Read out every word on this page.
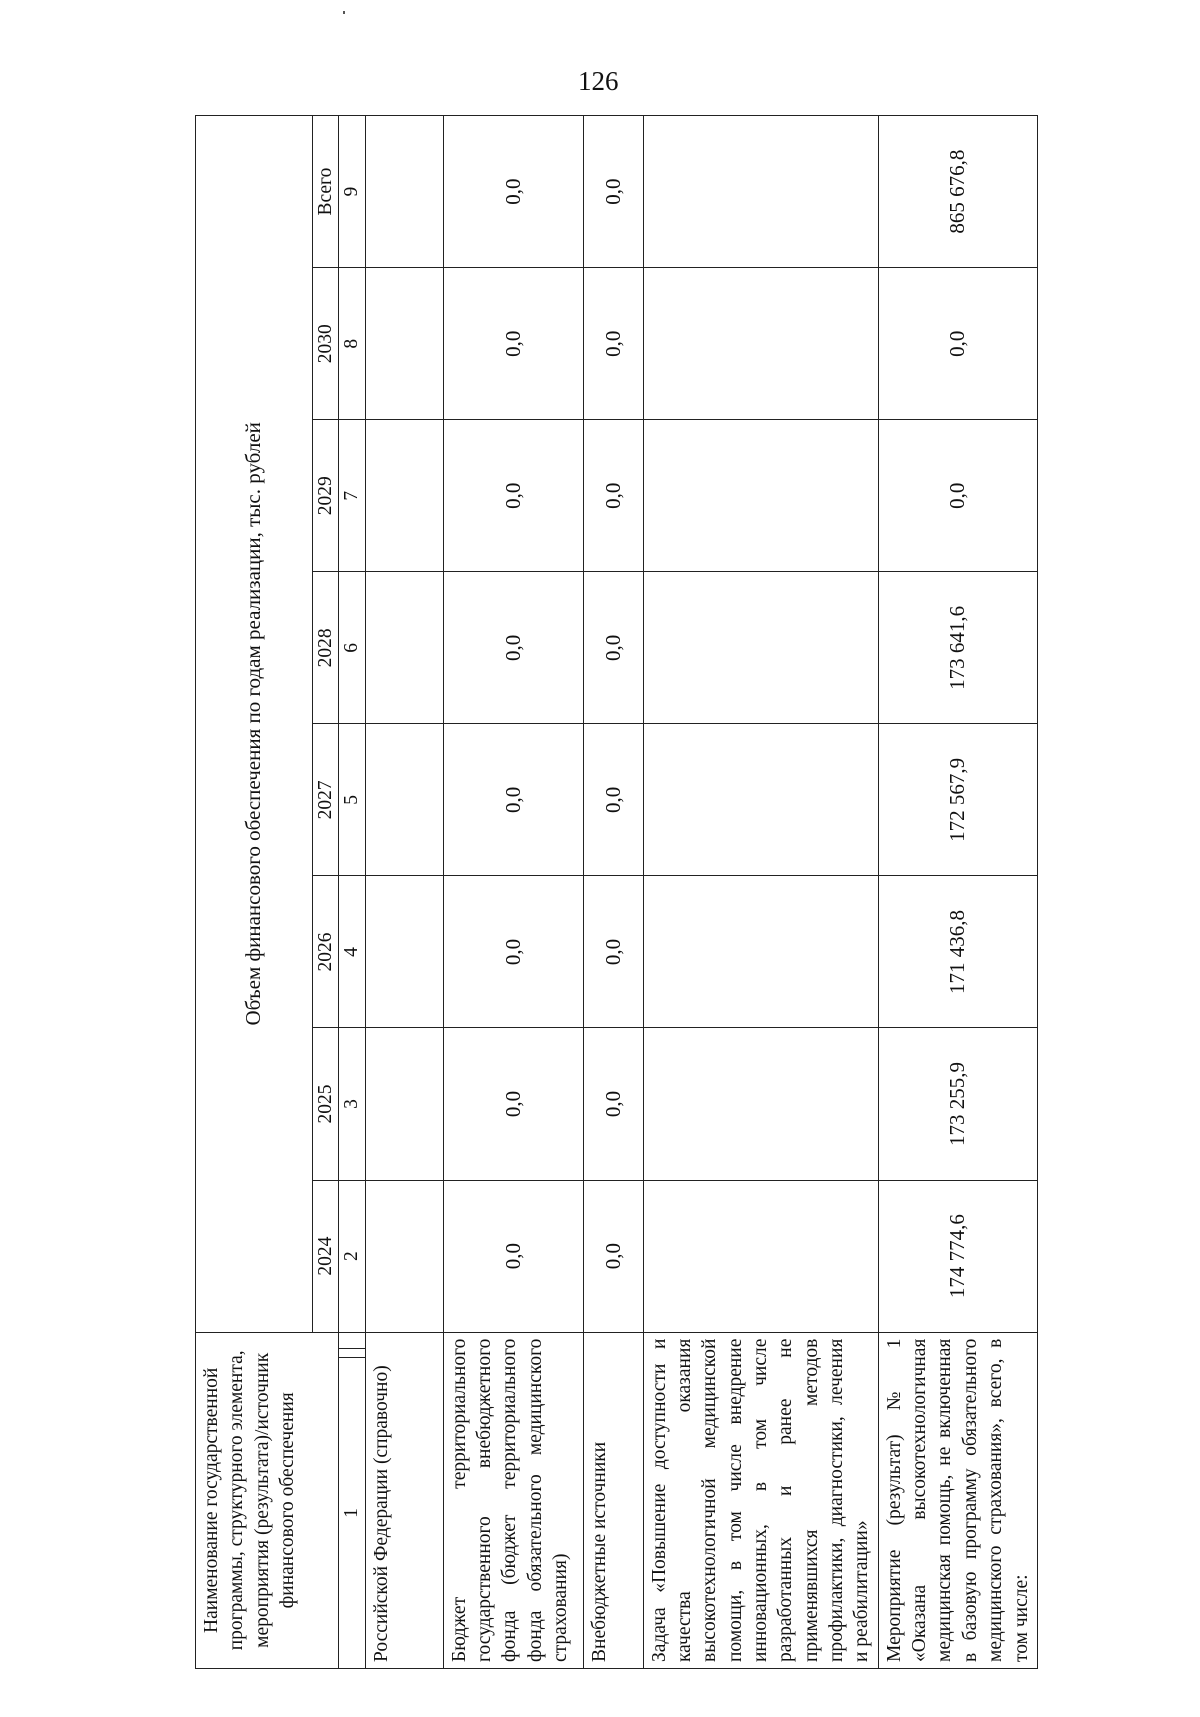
126
Наименование государственной программы, структурного элемента, мероприятия (результата)/источник финансового обеспечения			Объем финансового обеспечения по годам реализации, тыс. рублей							
			2024	2025	2026	2027	2028	2029	2030	Всего
1			2	3	4	5	6	7	8	9
Российской Федерации (справочно)										
Бюджет территориального государственного внебюджетного фонда (бюджет территориального фонда обязательного медицинского страхования)			0,0	0,0	0,0	0,0	0,0	0,0	0,0	0,0
Внебюджетные источники			0,0	0,0	0,0	0,0	0,0	0,0	0,0	0,0
Задача «Повышение доступности и качества оказания высокотехнологичной медицинской помощи, в том числе внедрение инновационных, в том числе разработанных и ранее не применявшихся методов профилактики, диагностики, лечения и реабилитации»										
Мероприятие (результат) № 1 «Оказана высокотехнологичная медицинская помощь, не включенная в базовую программу обязательного медицинского страхования», всего, в том числе:			174 774,6	173 255,9	171 436,8	172 567,9	173 641,6	0,0	0,0	865 676,8
